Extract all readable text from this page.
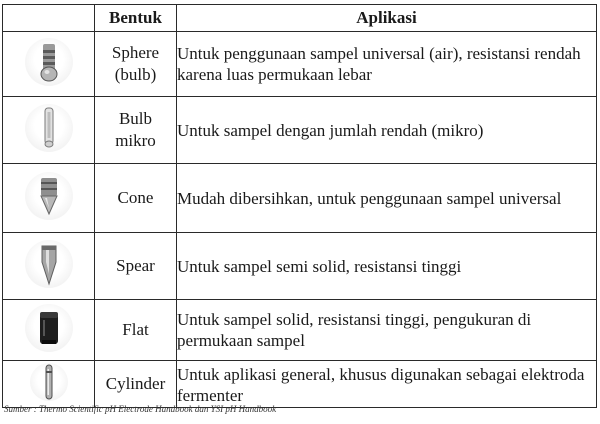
	Bentuk	Aplikasi

Sphere
(bulb)	Untuk penggunaan sampel universal (air), resistansi rendah karena luas permukaan lebar

Bulb
mikro	Untuk sampel dengan jumlah rendah (mikro)

Cone	Mudah dibersihkan, untuk penggunaan sampel universal

Spear	Untuk sampel semi solid, resistansi tinggi

Flat	Untuk sampel solid, resistansi tinggi, pengukuran di permukaan sampel

Cylinder	Untuk aplikasi general, khusus digunakan sebagai elektroda fermenter
Sumber : Thermo Scientific pH Electrode Handbook dan YSI pH Handbook
